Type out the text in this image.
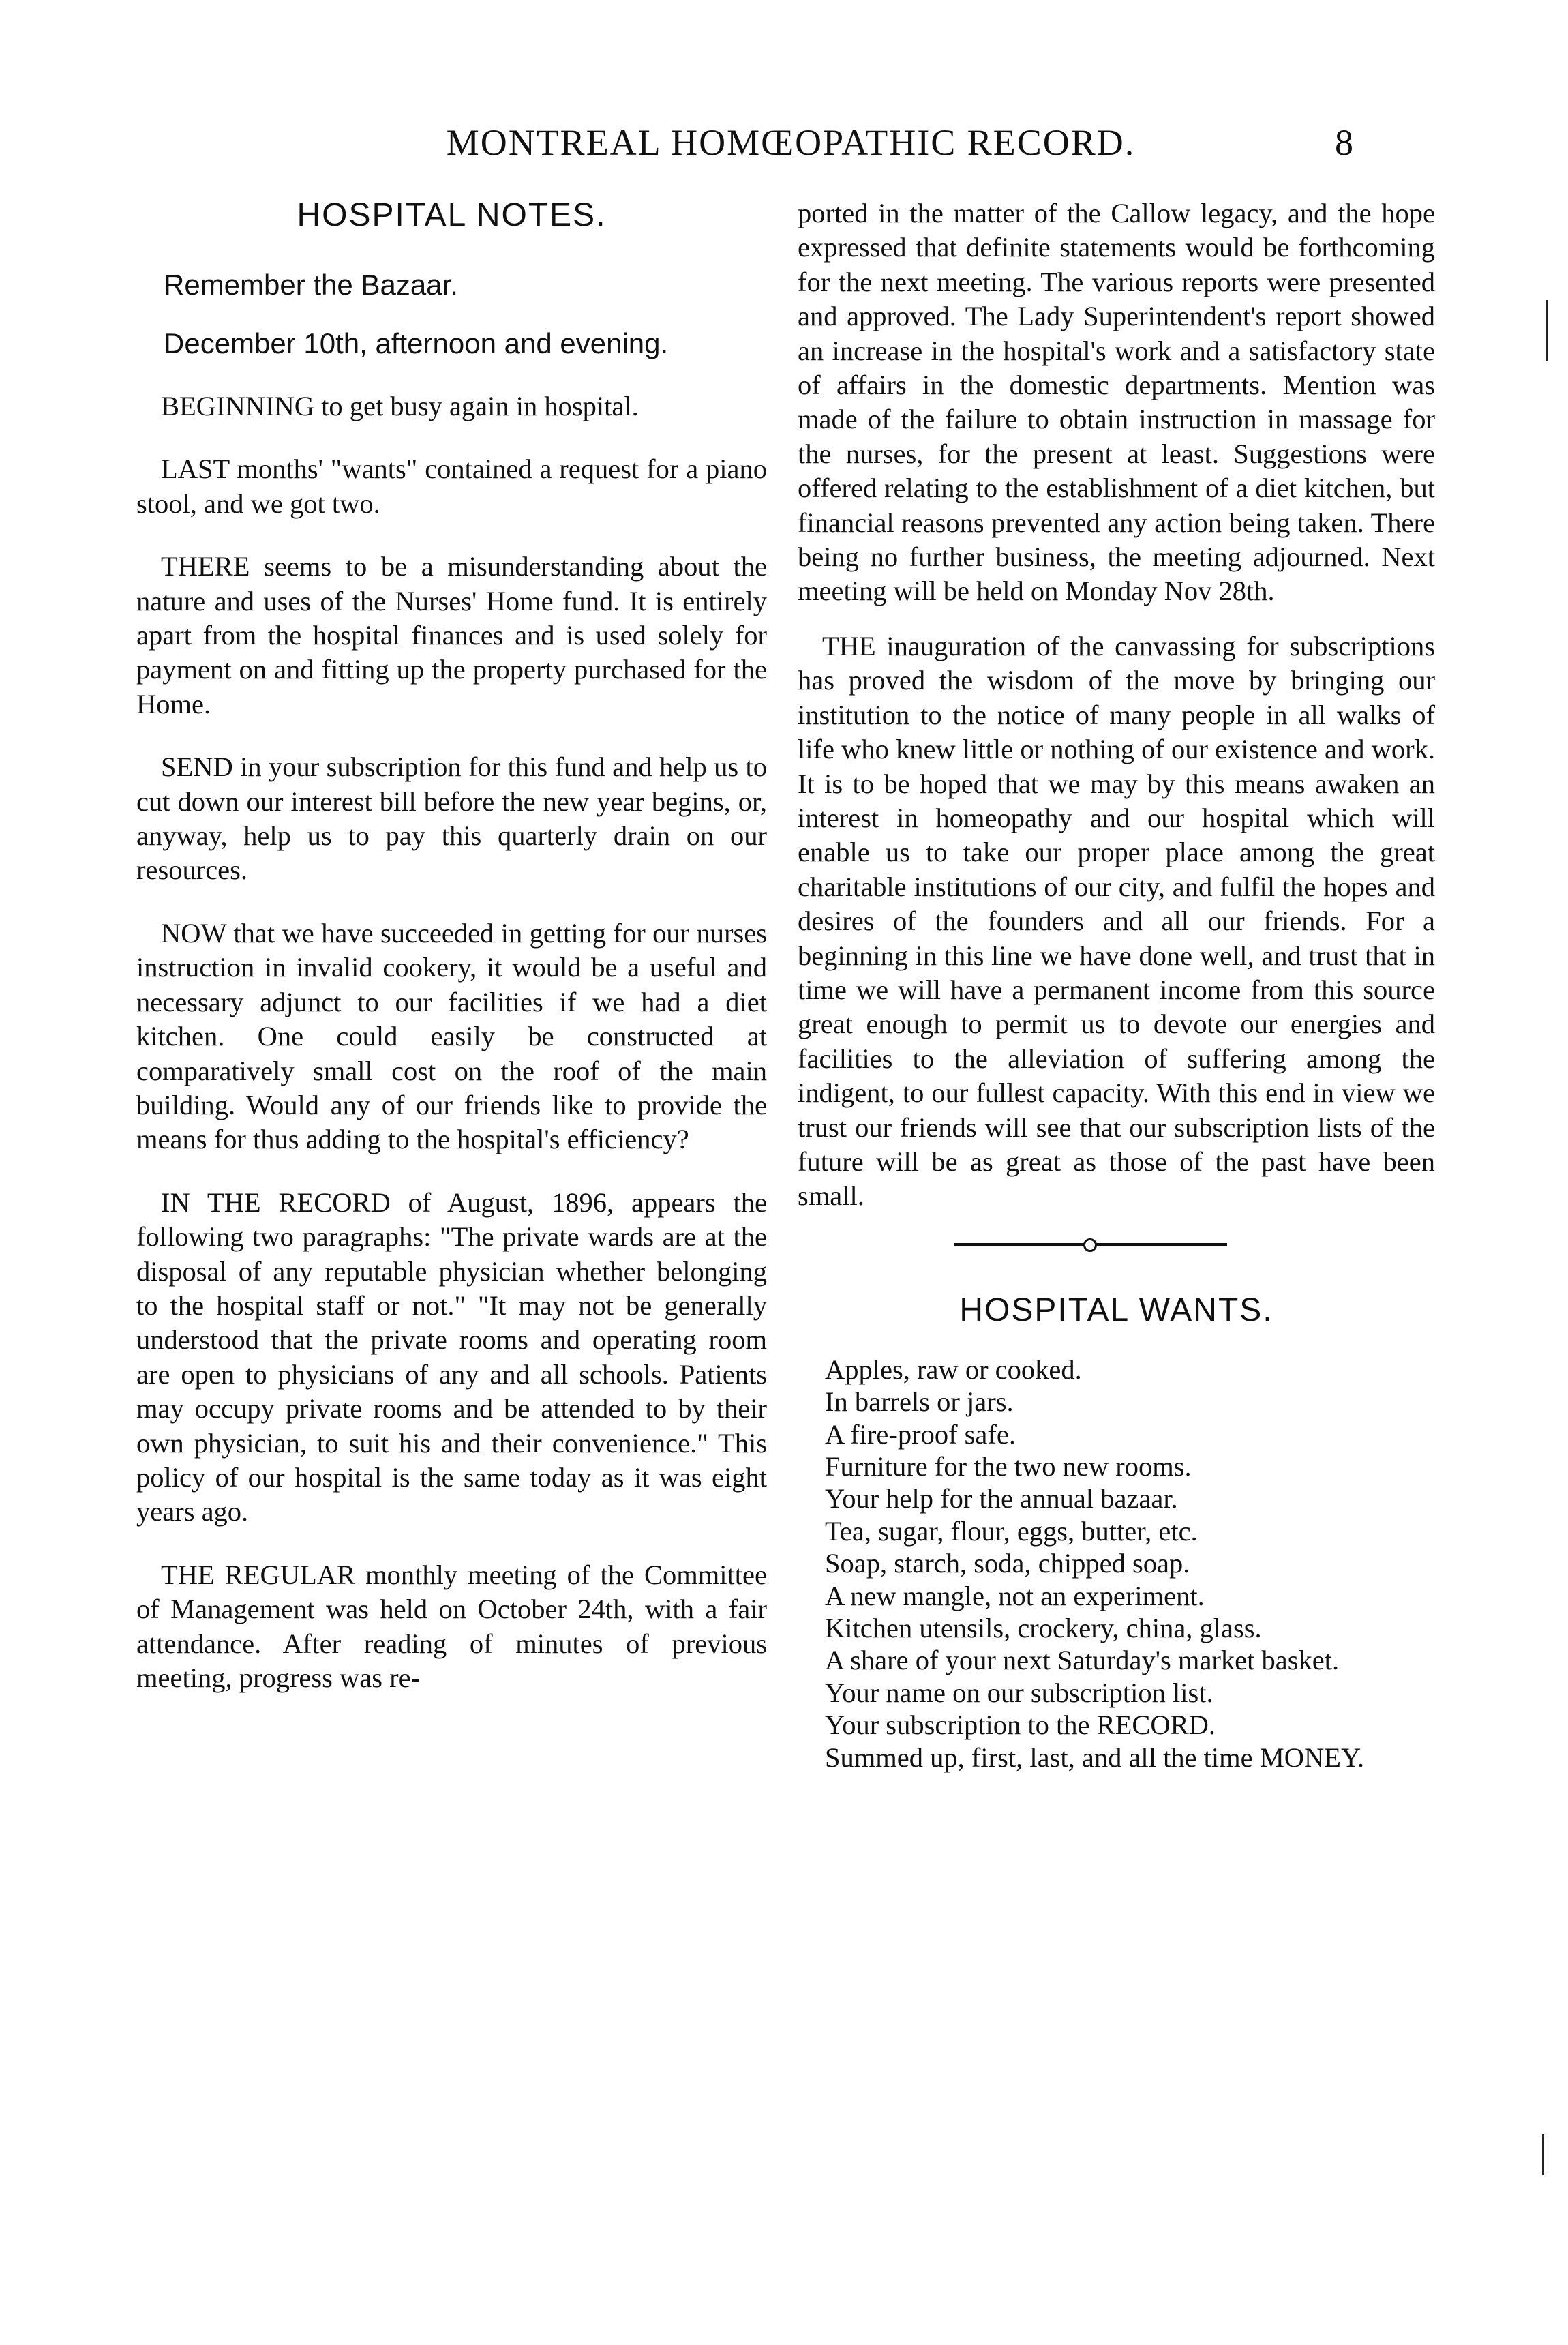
MONTREAL HOMŒOPATHIC RECORD.	8
HOSPITAL NOTES.
Remember the Bazaar.
December 10th, afternoon and evening.

BEGINNING to get busy again in hospital.

LAST months' "wants" contained a request for a piano stool, and we got two.

THERE seems to be a misunderstanding about the nature and uses of the Nurses' Home fund. It is entirely apart from the hospital finances and is used solely for payment on and fitting up the property purchased for the Home.

SEND in your subscription for this fund and help us to cut down our interest bill before the new year begins, or, anyway, help us to pay this quarterly drain on our resources.

NOW that we have succeeded in getting for our nurses instruction in invalid cookery, it would be a useful and necessary adjunct to our facilities if we had a diet kitchen. One could easily be constructed at comparatively small cost on the roof of the main building. Would any of our friends like to provide the means for thus adding to the hospital's efficiency?

IN THE RECORD of August, 1896, appears the following two paragraphs: "The private wards are at the disposal of any reputable physician whether belonging to the hospital staff or not." "It may not be generally understood that the private rooms and operating room are open to physicians of any and all schools. Patients may occupy private rooms and be attended to by their own physician, to suit his and their convenience." This policy of our hospital is the same today as it was eight years ago.

THE REGULAR monthly meeting of the Committee of Management was held on October 24th, with a fair attendance. After reading of minutes of previous meeting, progress was re-

ported in the matter of the Callow legacy, and the hope expressed that definite statements would be forthcoming for the next meeting. The various reports were presented and approved. The Lady Superintendent's report showed an increase in the hospital's work and a satisfactory state of affairs in the domestic departments. Mention was made of the failure to obtain instruction in massage for the nurses, for the present at least. Suggestions were offered relating to the establishment of a diet kitchen, but financial reasons prevented any action being taken. There being no further business, the meeting adjourned. Next meeting will be held on Monday Nov 28th.

THE inauguration of the canvassing for subscriptions has proved the wisdom of the move by bringing our institution to the notice of many people in all walks of life who knew little or nothing of our existence and work. It is to be hoped that we may by this means awaken an interest in homeopathy and our hospital which will enable us to take our proper place among the great charitable institutions of our city, and fulfil the hopes and desires of the founders and all our friends. For a beginning in this line we have done well, and trust that in time we will have a permanent income from this source great enough to permit us to devote our energies and facilities to the alleviation of suffering among the indigent, to our fullest capacity. With this end in view we trust our friends will see that our subscription lists of the future will be as great as those of the past have been small.

HOSPITAL WANTS.
Apples, raw or cooked.
In barrels or jars.
A fire-proof safe.
Furniture for the two new rooms.
Your help for the annual bazaar.
Tea, sugar, flour, eggs, butter, etc.
Soap, starch, soda, chipped soap.
A new mangle, not an experiment.
Kitchen utensils, crockery, china, glass.
A share of your next Saturday's market basket.
Your name on our subscription list.
Your subscription to the RECORD.
Summed up, first, last, and all the time MONEY.
